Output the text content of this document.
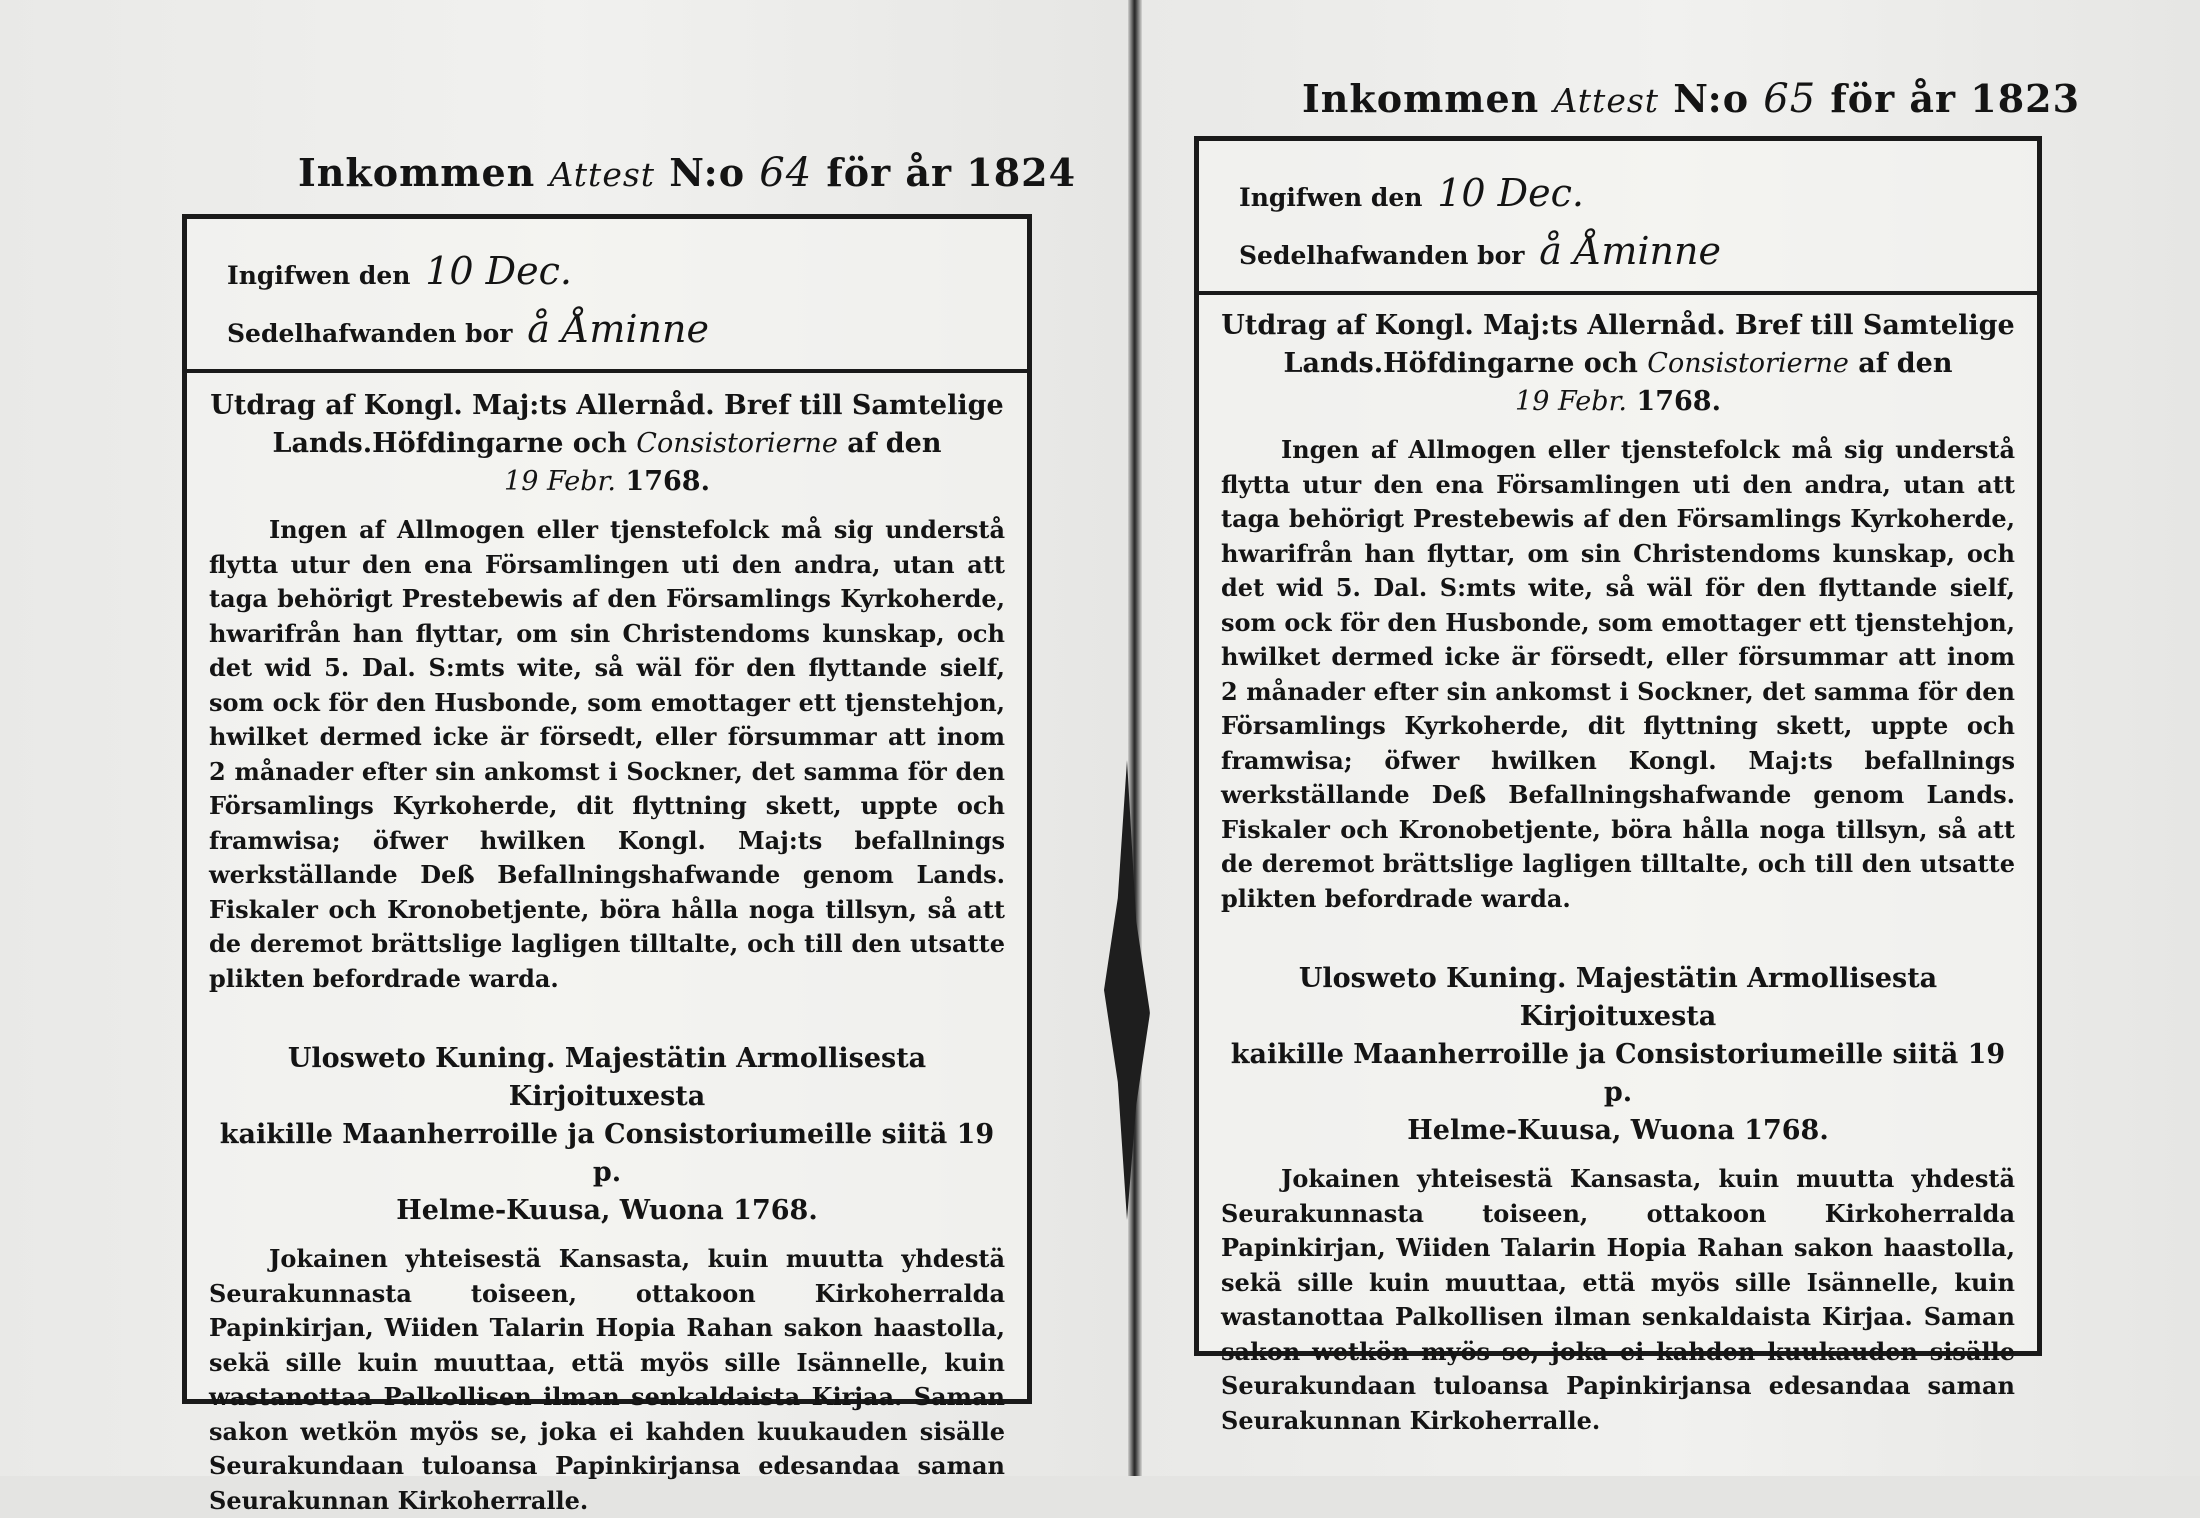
Inkommen Attest N:o 64 för år 1824
Ingifwen den 10 Dec.
Sedelhafwanden bor å Åminne
Utdrag af Kongl. Maj:ts Allernåd. Bref till Samtelige
Lands.Höfdingarne och Consistorierne af den
19 Febr. 1768.
Ingen af Allmogen eller tjenstefolck må sig understå flytta utur den ena Församlingen uti den andra, utan att taga behörigt Prestebewis af den Församlings Kyrkoherde, hwarifrån han flyttar, om sin Christendoms kunskap, och det wid 5. Dal. S:mts wite, så wäl för den flyttande sielf, som ock för den Husbonde, som emottager ett tjenstehjon, hwilket dermed icke är försedt, eller försummar att inom 2 månader efter sin ankomst i Sockner, det samma för den Församlings Kyrkoherde, dit flyttning skett, uppte och framwisa; öfwer hwilken Kongl. Maj:ts befallnings werkställande Deß Befallningshafwande genom Lands. Fiskaler och Kronobetjente, böra hålla noga tillsyn, så att de deremot brättslige lagligen tilltalte, och till den utsatte plikten befordrade warda.
Ulosweto Kuning. Majestätin Armollisesta Kirjoituxesta
kaikille Maanherroille ja Consistoriumeille siitä 19 p.
Helme-Kuusa, Wuona 1768.
Jokainen yhteisestä Kansasta, kuin muutta yhdestä Seurakunnasta toiseen, ottakoon Kirkoherralda Papinkirjan, Wiiden Talarin Hopia Rahan sakon haastolla, sekä sille kuin muuttaa, että myös sille Isännelle, kuin wastanottaa Palkollisen ilman senkaldaista Kirjaa. Saman sakon wetkön myös se, joka ei kahden kuukauden sisälle Seurakundaan tuloansa Papinkirjansa edesandaa saman Seurakunnan Kirkoherralle.
Inkommen Attest N:o 65 för år 1823
Ingifwen den 10 Dec.
Sedelhafwanden bor å Åminne
Utdrag af Kongl. Maj:ts Allernåd. Bref till Samtelige
Lands.Höfdingarne och Consistorierne af den
19 Febr. 1768.
Ingen af Allmogen eller tjenstefolck må sig understå flytta utur den ena Församlingen uti den andra, utan att taga behörigt Prestebewis af den Församlings Kyrkoherde, hwarifrån han flyttar, om sin Christendoms kunskap, och det wid 5. Dal. S:mts wite, så wäl för den flyttande sielf, som ock för den Husbonde, som emottager ett tjenstehjon, hwilket dermed icke är försedt, eller försummar att inom 2 månader efter sin ankomst i Sockner, det samma för den Församlings Kyrkoherde, dit flyttning skett, uppte och framwisa; öfwer hwilken Kongl. Maj:ts befallnings werkställande Deß Befallningshafwande genom Lands. Fiskaler och Kronobetjente, böra hålla noga tillsyn, så att de deremot brättslige lagligen tilltalte, och till den utsatte plikten befordrade warda.
Ulosweto Kuning. Majestätin Armollisesta Kirjoituxesta
kaikille Maanherroille ja Consistoriumeille siitä 19 p.
Helme-Kuusa, Wuona 1768.
Jokainen yhteisestä Kansasta, kuin muutta yhdestä Seurakunnasta toiseen, ottakoon Kirkoherralda Papinkirjan, Wiiden Talarin Hopia Rahan sakon haastolla, sekä sille kuin muuttaa, että myös sille Isännelle, kuin wastanottaa Palkollisen ilman senkaldaista Kirjaa. Saman sakon wetkön myös se, joka ei kahden kuukauden sisälle Seurakundaan tuloansa Papinkirjansa edesandaa saman Seurakunnan Kirkoherralle.
